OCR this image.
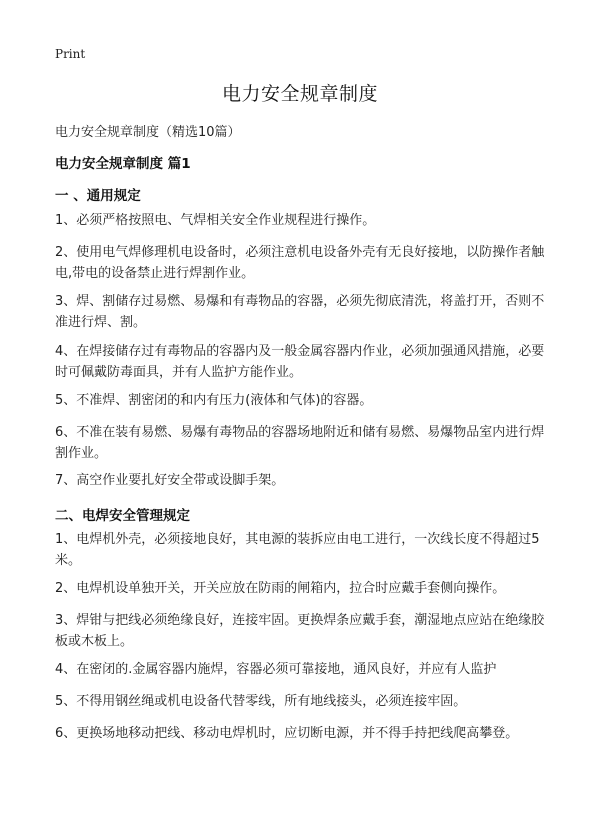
Print
电力安全规章制度
电力安全规章制度（精选10篇）
电力安全规章制度 篇1
一 、通用规定
1、必须严格按照电、气焊相关安全作业规程进行操作。
2、使用电气焊修理机电设备时，必须注意机电设备外壳有无良好接地，以防操作者触电,带电的设备禁止进行焊割作业。
3、焊、割储存过易燃、易爆和有毒物品的容器，必须先彻底清洗，将盖打开，否则不准进行焊、割。
4、在焊接储存过有毒物品的容器内及一般金属容器内作业，必须加强通风措施，必要时可佩戴防毒面具，并有人监护方能作业。
5、不准焊、割密闭的和内有压力(液体和气体)的容器。
6、不准在装有易燃、易爆有毒物品的容器场地附近和储有易燃、易爆物品室内进行焊割作业。
7、高空作业要扎好安全带或设脚手架。
二、电焊安全管理规定
1、电焊机外壳，必须接地良好，其电源的装拆应由电工进行，一次线长度不得超过5米。
2、电焊机设单独开关，开关应放在防雨的闸箱内，拉合时应戴手套侧向操作。
3、焊钳与把线必须绝缘良好，连接牢固。更换焊条应戴手套，潮湿地点应站在绝缘胶板或木板上。
4、在密闭的.金属容器内施焊，容器必须可靠接地，通风良好，并应有人监护
5、不得用钢丝绳或机电设备代替零线，所有地线接头，必须连接牢固。
6、更换场地移动把线、移动电焊机时，应切断电源，并不得手持把线爬高攀登。
